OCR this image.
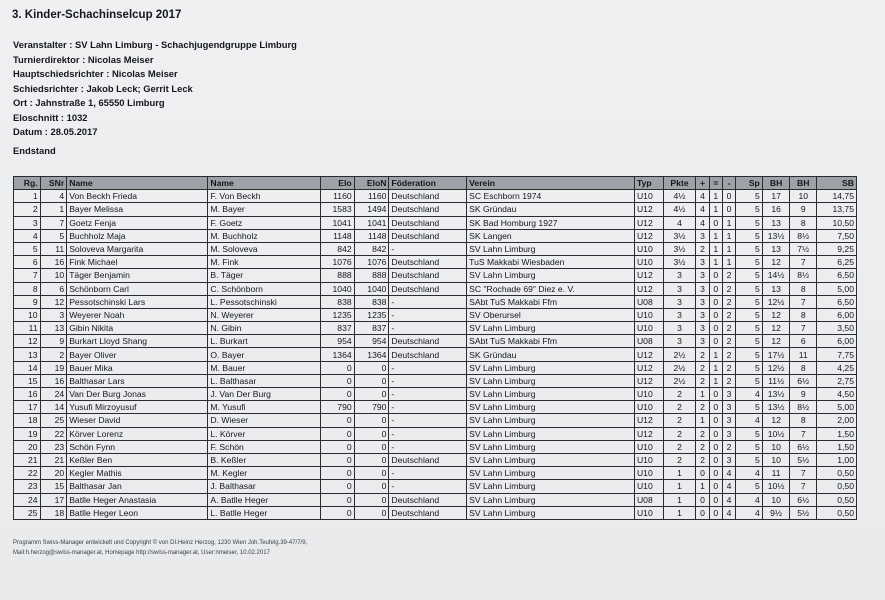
3. Kinder-Schachinselcup 2017
Veranstalter : SV Lahn Limburg - Schachjugendgruppe Limburg
Turnierdirektor : Nicolas Meiser
Hauptschiedsrichter : Nicolas Meiser
Schiedsrichter : Jakob Leck; Gerrit Leck
Ort : Jahnstraße 1, 65550 Limburg
Eloschnitt : 1032
Datum : 28.05.2017
Endstand
Rg.	SNr	Name	Name	Elo	EloN	Föderation	Verein	Typ	Pkte	+	=	-	Sp	BH	BH	SB
1	4	Von Beckh Frieda	F. Von Beckh	1160	1160	Deutschland	SC Eschborn 1974	U10	4½	4	1	0	5	17	10	14,75
2	1	Bayer Melissa	M. Bayer	1583	1494	Deutschland	SK Gründau	U12	4½	4	1	0	5	16	9	13,75
3	7	Goetz Fenja	F. Goetz	1041	1041	Deutschland	SK Bad Homburg 1927	U12	4	4	0	1	5	13	8	10,50
4	5	Buchholz Maja	M. Buchholz	1148	1148	Deutschland	SK Langen	U12	3½	3	1	1	5	13½	8½	7,50
5	11	Soloveva Margarita	M. Soloveva	842	842	-	SV Lahn Limburg	U10	3½	2	1	1	5	13	7½	9,25
6	16	Fink Michael	M. Fink	1076	1076	Deutschland	TuS Makkabi Wiesbaden	U10	3½	3	1	1	5	12	7	6,25
7	10	Täger Benjamin	B. Täger	888	888	Deutschland	SV Lahn Limburg	U12	3	3	0	2	5	14½	8½	6,50
8	6	Schönborn Carl	C. Schönborn	1040	1040	Deutschland	SC "Rochade 69" Diez e. V.	U12	3	3	0	2	5	13	8	5,00
9	12	Pessotschinski Lars	L. Pessotschinski	838	838	-	SAbt TuS Makkabi Ffm	U08	3	3	0	2	5	12½	7	6,50
10	3	Weyerer Noah	N. Weyerer	1235	1235	-	SV Oberursel	U10	3	3	0	2	5	12	8	6,00
11	13	Gibin Nikita	N. Gibin	837	837	-	SV Lahn Limburg	U10	3	3	0	2	5	12	7	3,50
12	9	Burkart Lloyd Shang	L. Burkart	954	954	Deutschland	SAbt TuS Makkabi Ffm	U08	3	3	0	2	5	12	6	6,00
13	2	Bayer Oliver	O. Bayer	1364	1364	Deutschland	SK Gründau	U12	2½	2	1	2	5	17½	11	7,75
14	19	Bauer Mika	M. Bauer	0	0	-	SV Lahn Limburg	U12	2½	2	1	2	5	12½	8	4,25
15	16	Balthasar Lars	L. Balthasar	0	0	-	SV Lahn Limburg	U12	2½	2	1	2	5	11½	6½	2,75
16	24	Van Der Burg Jonas	J. Van Der Burg	0	0	-	SV Lahn Limburg	U10	2	1	0	3	4	13½	9	4,50
17	14	Yusufi Mirzoyusuf	M. Yusufi	790	790	-	SV Lahn Limburg	U10	2	2	0	3	5	13½	8½	5,00
18	25	Wieser David	D. Wieser	0	0	-	SV Lahn Limburg	U12	2	1	0	3	4	12	8	2,00
19	22	Körver Lorenz	L. Körver	0	0	-	SV Lahn Limburg	U12	2	2	0	3	5	10½	7	1,50
20	23	Schön Fynn	F. Schön	0	0	-	SV Lahn Limburg	U10	2	2	0	2	5	10	6½	1,50
21	21	Keßler Ben	B. Keßler	0	0	Deutschland	SV Lahn Limburg	U10	2	2	0	3	5	10	5½	1,00
22	20	Kegler Mathis	M. Kegler	0	0	-	SV Lahn Limburg	U10	1	0	0	4	4	11	7	0,50
23	15	Balthasar Jan	J. Balthasar	0	0	-	SV Lahn Limburg	U10	1	1	0	4	5	10½	7	0,50
24	17	Batlle Heger Anastasia	A. Batlle Heger	0	0	Deutschland	SV Lahn Limburg	U08	1	0	0	4	4	10	6½	0,50
25	18	Batlle Heger Leon	L. Batlle Heger	0	0	Deutschland	SV Lahn Limburg	U10	1	0	0	4	4	9½	5½	0,50
Programm Swiss-Manager entwickelt und Copyright © von DI.Heinz Herzog, 1230 Wien Joh.Teufelg.39-47/7/9,
Mail:h.herzog@swiss-manager.at, Homepage http://swiss-manager.at, User:nmeiser, 10.02.2017
